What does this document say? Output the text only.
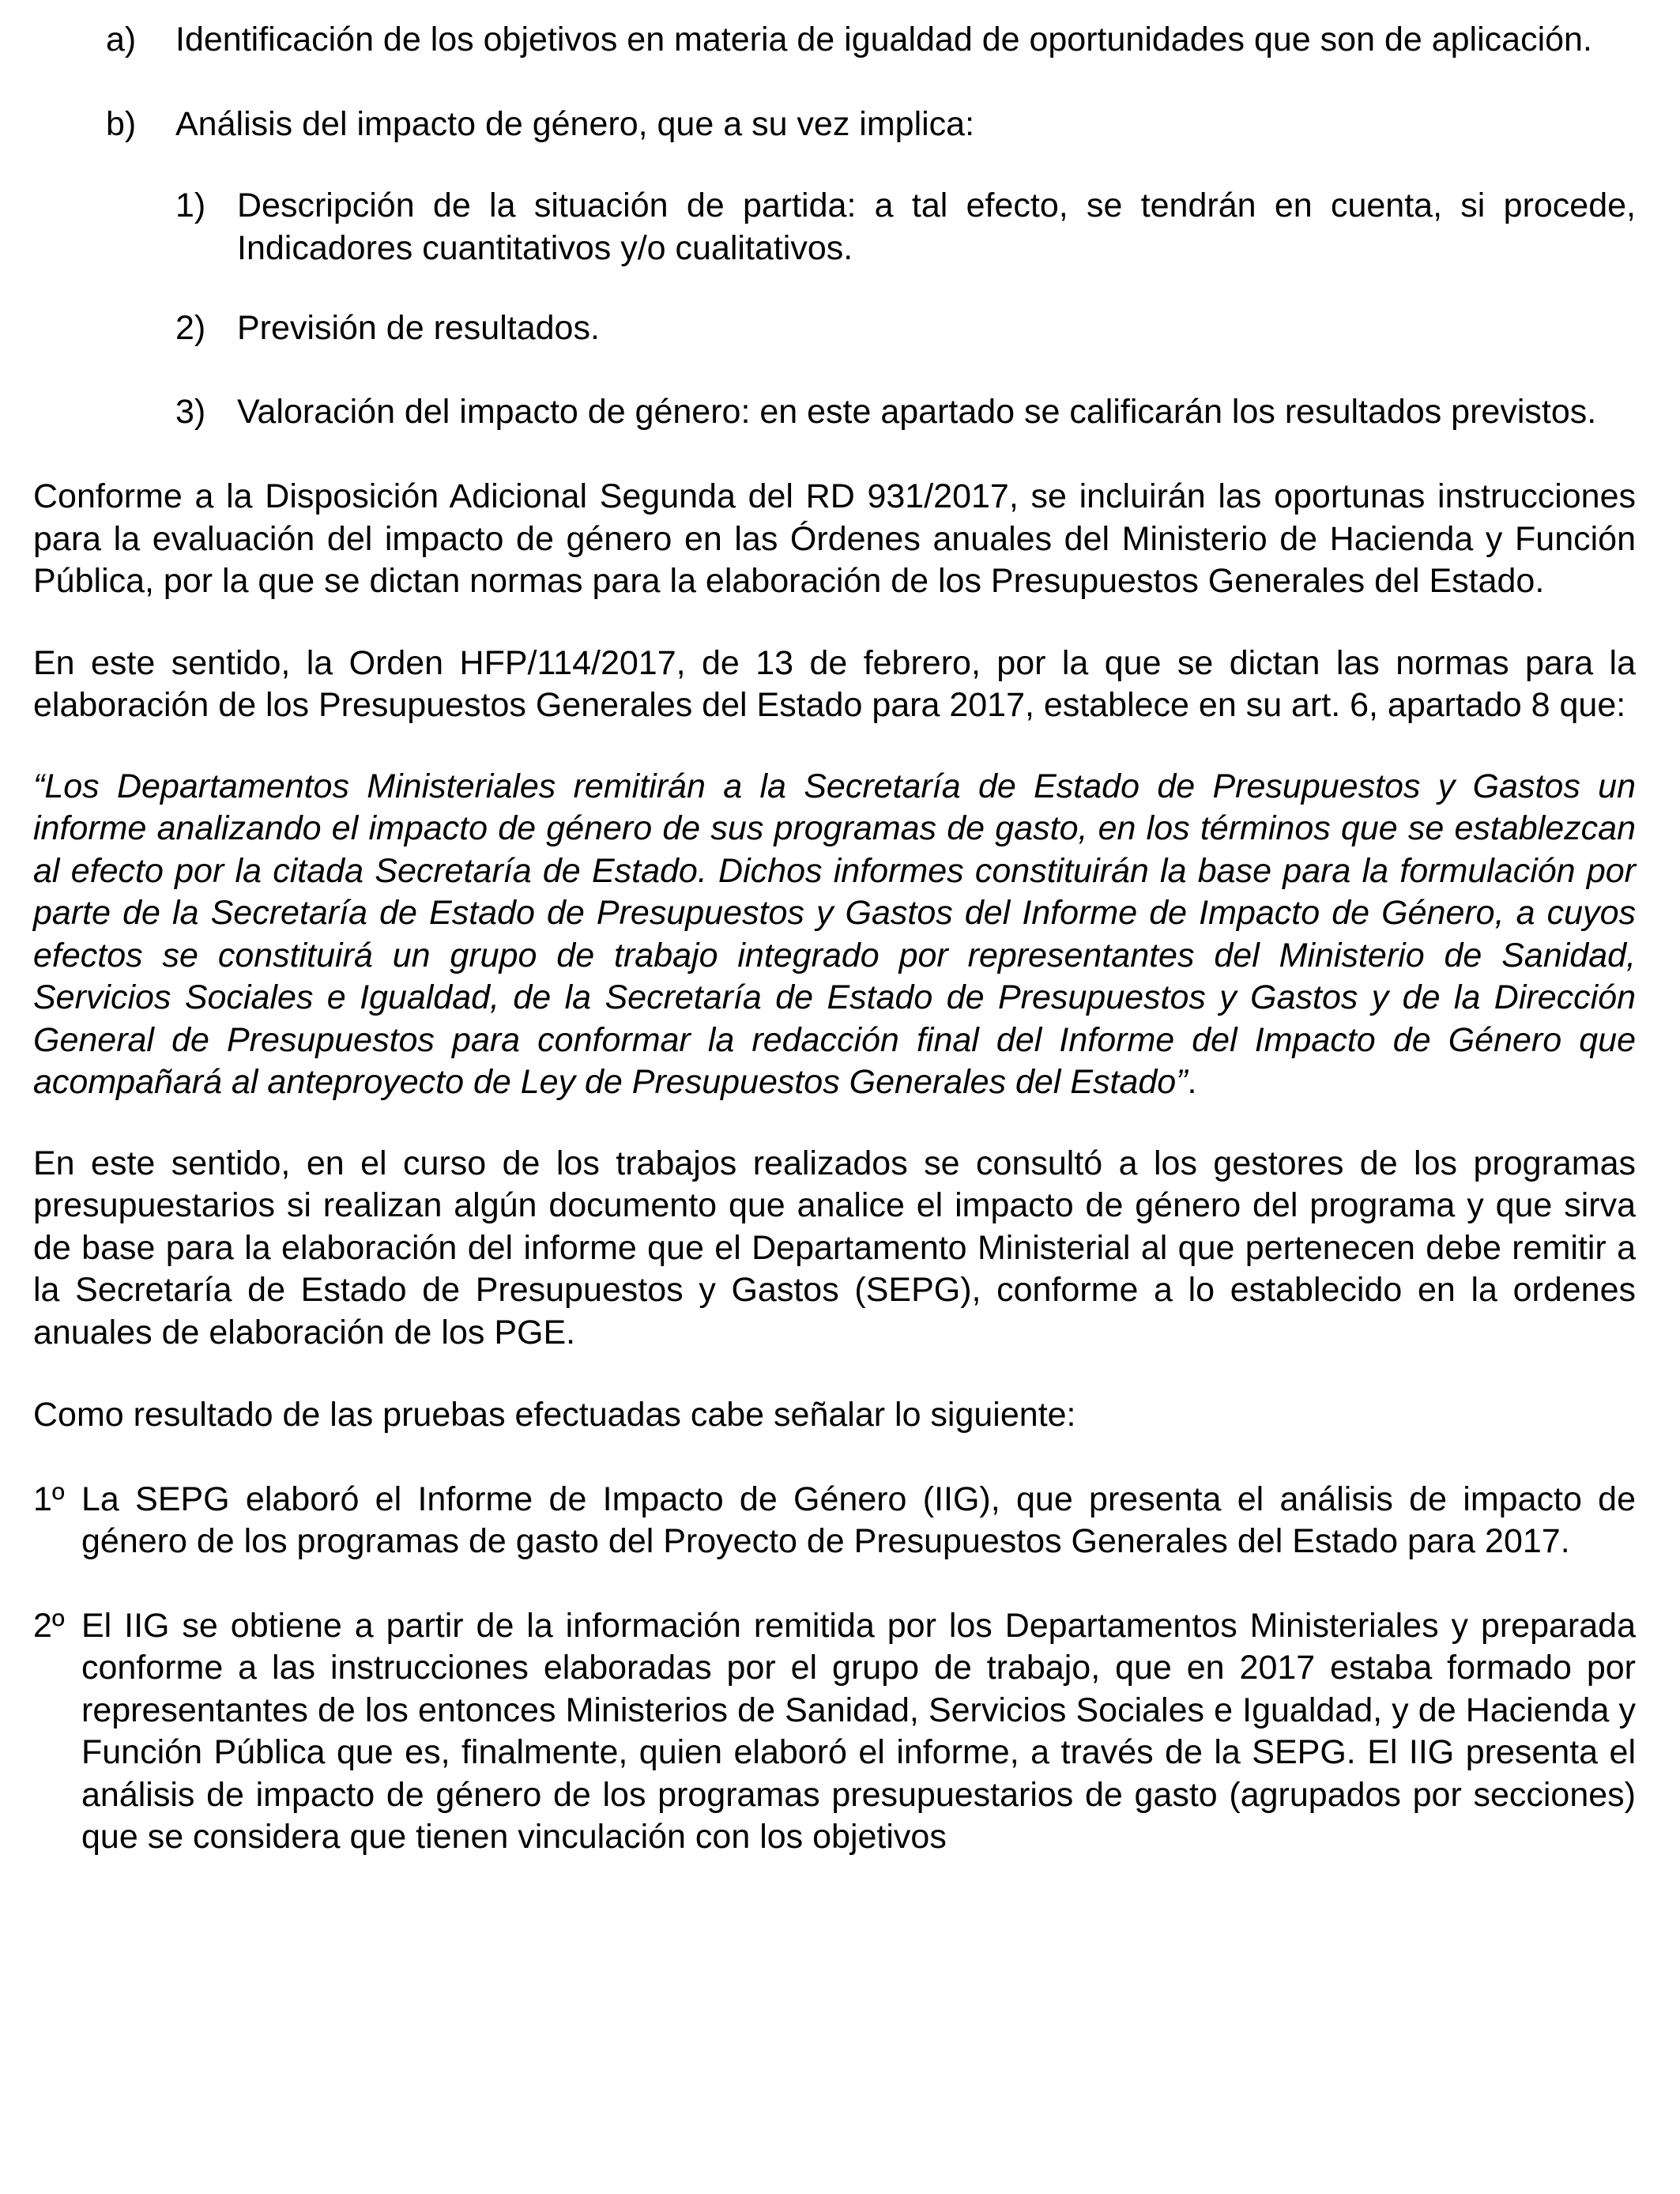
a)	Identificación de los objetivos en materia de igualdad de oportunidades que son de aplicación.
b)	Análisis del impacto de género, que a su vez implica:
1) Descripción de la situación de partida: a tal efecto, se tendrán en cuenta, si procede, Indicadores cuantitativos y/o cualitativos.
2) Previsión de resultados.
3) Valoración del impacto de género: en este apartado se calificarán los resultados previstos.

Conforme a la Disposición Adicional Segunda del RD 931/2017, se incluirán las oportunas instrucciones para la evaluación del impacto de género en las Órdenes anuales del Ministerio de Hacienda y Función Pública, por la que se dictan normas para la elaboración de los Presupuestos Generales del Estado.

En este sentido, la Orden HFP/114/2017, de 13 de febrero, por la que se dictan las normas para la elaboración de los Presupuestos Generales del Estado para 2017, establece en su art. 6, apartado 8 que:

“Los Departamentos Ministeriales remitirán a la Secretaría de Estado de Presupuestos y Gastos un informe analizando el impacto de género de sus programas de gasto, en los términos que se establezcan al efecto por la citada Secretaría de Estado. Dichos informes constituirán la base para la formulación por parte de la Secretaría de Estado de Presupuestos y Gastos del Informe de Impacto de Género, a cuyos efectos se constituirá un grupo de trabajo integrado por representantes del Ministerio de Sanidad, Servicios Sociales e Igualdad, de la Secretaría de Estado de Presupuestos y Gastos y de la Dirección General de Presupuestos para conformar la redacción final del Informe del Impacto de Género que acompañará al anteproyecto de Ley de Presupuestos Generales del Estado”.

En este sentido, en el curso de los trabajos realizados se consultó a los gestores de los programas presupuestarios si realizan algún documento que analice el impacto de género del programa y que sirva de base para la elaboración del informe que el Departamento Ministerial al que pertenecen debe remitir a la Secretaría de Estado de Presupuestos y Gastos (SEPG), conforme a lo establecido en la ordenes anuales de elaboración de los PGE.

Como resultado de las pruebas efectuadas cabe señalar lo siguiente:

1º La SEPG elaboró el Informe de Impacto de Género (IIG), que presenta el análisis de impacto de género de los programas de gasto del Proyecto de Presupuestos Generales del Estado para 2017.
2º El IIG se obtiene a partir de la información remitida por los Departamentos Ministeriales y preparada conforme a las instrucciones elaboradas por el grupo de trabajo, que en 2017 estaba formado por representantes de los entonces Ministerios de Sanidad, Servicios Sociales e Igualdad, y de Hacienda y Función Pública que es, finalmente, quien elaboró el informe, a través de la SEPG. El IIG presenta el análisis de impacto de género de los programas presupuestarios de gasto (agrupados por secciones) que se considera que tienen vinculación con los objetivos
